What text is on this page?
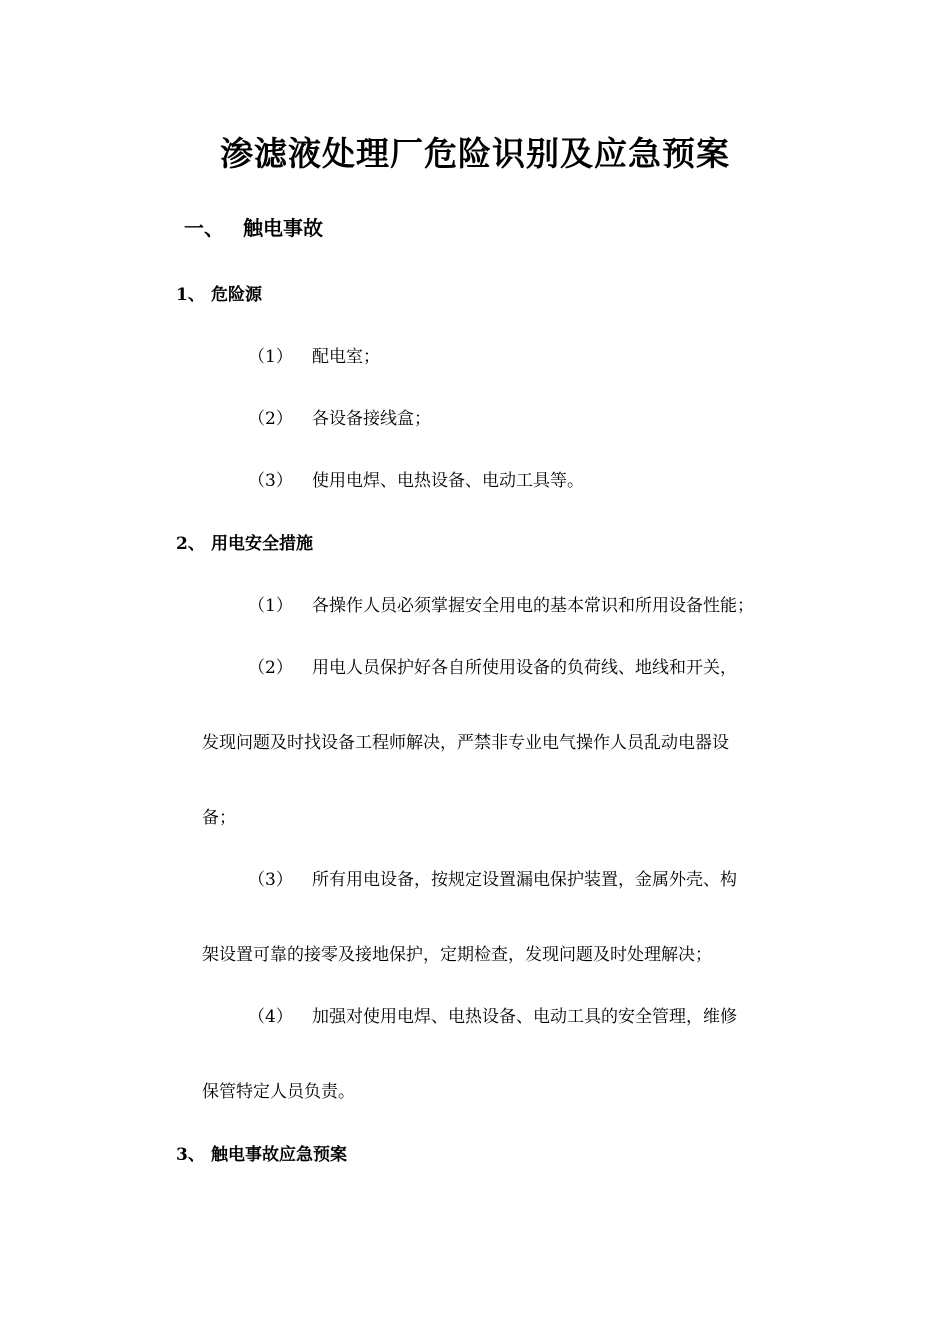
渗滤液处理厂危险识别及应急预案
一、 触电事故
1、 危险源
（1） 配电室；
（2） 各设备接线盒；
（3） 使用电焊、电热设备、电动工具等。
2、 用电安全措施
（1） 各操作人员必须掌握安全用电的基本常识和所用设备性能；
（2） 用电人员保护好各自所使用设备的负荷线、地线和开关，
发现问题及时找设备工程师解决，严禁非专业电气操作人员乱动电器设
备；
（3） 所有用电设备，按规定设置漏电保护装置，金属外壳、构
架设置可靠的接零及接地保护，定期检查，发现问题及时处理解决；
（4） 加强对使用电焊、电热设备、电动工具的安全管理，维修
保管特定人员负责。
3、 触电事故应急预案
